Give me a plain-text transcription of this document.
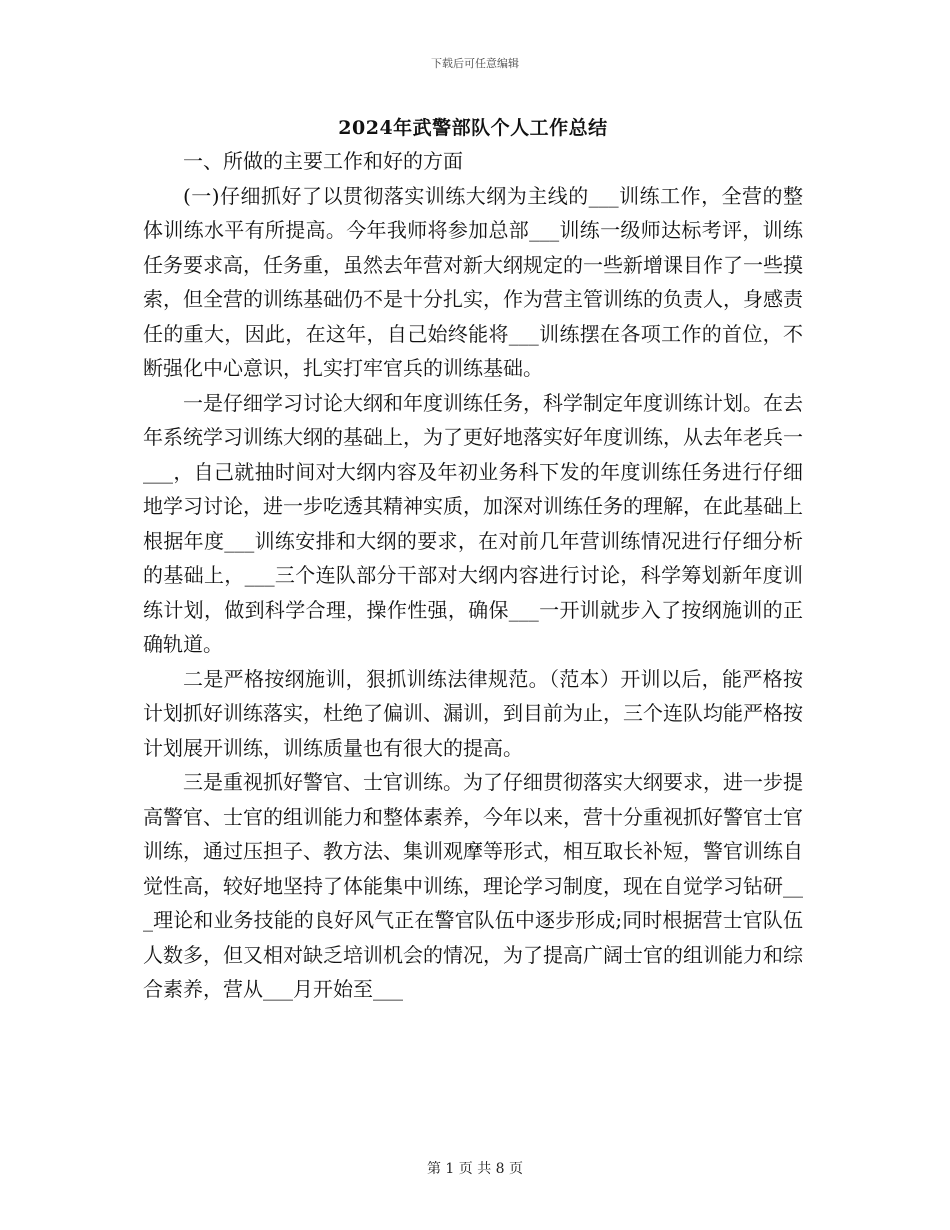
下载后可任意编辑
2024年武警部队个人工作总结

一、所做的主要工作和好的方面

(一)仔细抓好了以贯彻落实训练大纲为主线的___训练工作，全营的整体训练水平有所提高。今年我师将参加总部___训练一级师达标考评，训练任务要求高，任务重，虽然去年营对新大纲规定的一些新增课目作了一些摸索，但全营的训练基础仍不是十分扎实，作为营主管训练的负责人，身感责任的重大，因此，在这年，自己始终能将___训练摆在各项工作的首位，不断强化中心意识，扎实打牢官兵的训练基础。

一是仔细学习讨论大纲和年度训练任务，科学制定年度训练计划。在去年系统学习训练大纲的基础上，为了更好地落实好年度训练，从去年老兵一___，自己就抽时间对大纲内容及年初业务科下发的年度训练任务进行仔细地学习讨论，进一步吃透其精神实质，加深对训练任务的理解，在此基础上根据年度___训练安排和大纲的要求，在对前几年营训练情况进行仔细分析的基础上，___三个连队部分干部对大纲内容进行讨论，科学筹划新年度训练计划，做到科学合理，操作性强，确保___一开训就步入了按纲施训的正确轨道。

二是严格按纲施训，狠抓训练法律规范。（范本）开训以后，能严格按计划抓好训练落实，杜绝了偏训、漏训，到目前为止，三个连队均能严格按计划展开训练，训练质量也有很大的提高。

三是重视抓好警官、士官训练。为了仔细贯彻落实大纲要求，进一步提高警官、士官的组训能力和整体素养，今年以来，营十分重视抓好警官士官训练，通过压担子、教方法、集训观摩等形式，相互取长补短，警官训练自觉性高，较好地坚持了体能集中训练，理论学习制度，现在自觉学习钻研___理论和业务技能的良好风气正在警官队伍中逐步形成;同时根据营士官队伍人数多，但又相对缺乏培训机会的情况，为了提高广阔士官的组训能力和综合素养，营从___月开始至___

第 1 页 共 8 页
